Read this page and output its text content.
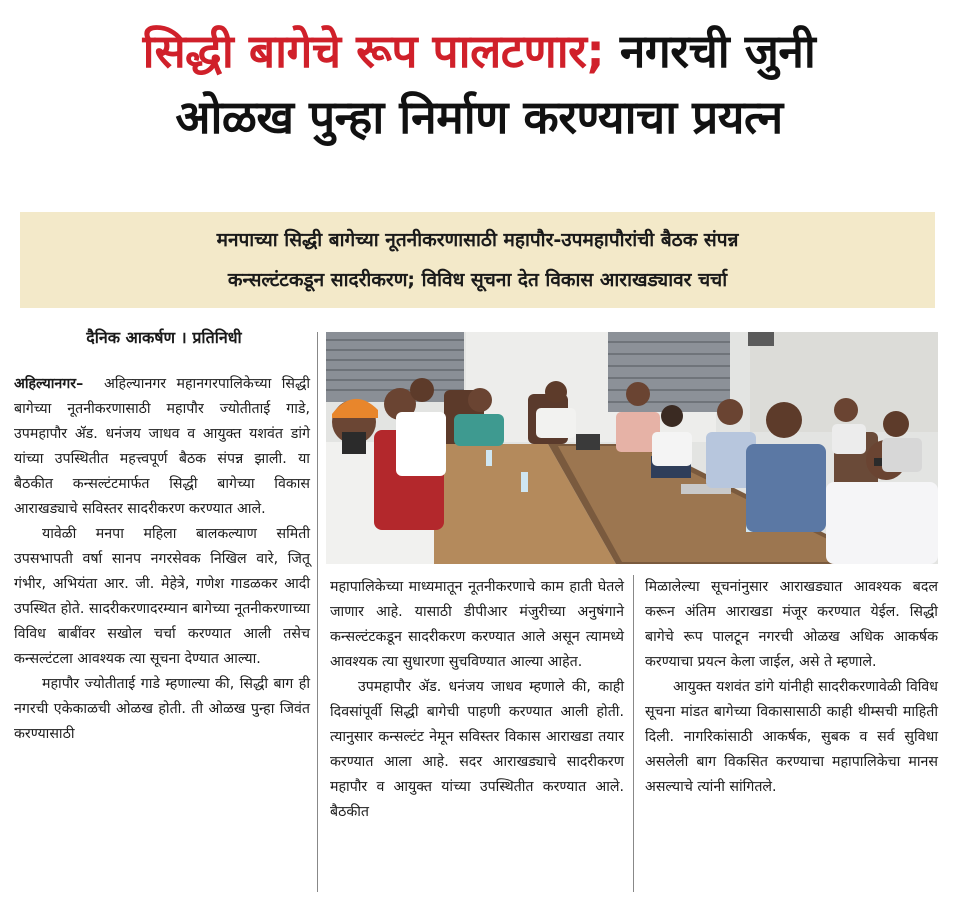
सिद्धी बागेचे रूप पालटणार; नगरची जुनी
ओळख पुन्हा निर्माण करण्याचा प्रयत्न
मनपाच्या सिद्धी बागेच्या नूतनीकरणासाठी महापौर-उपमहापौरांची बैठक संपन्न
कन्सल्टंटकडून सादरीकरण; विविध सूचना देत विकास आराखड्यावर चर्चा
दैनिक आकर्षण । प्रतिनिधी

अहिल्यानगर– अहिल्यानगर महानगरपालिकेच्या सिद्धी बागेच्या नूतनीकरणासाठी महापौर ज्योतीताई गाडे, उपमहापौर ॲड. धनंजय जाधव व आयुक्त यशवंत डांगे यांच्या उपस्थितीत महत्त्वपूर्ण बैठक संपन्न झाली. या बैठकीत कन्सल्टंटमार्फत सिद्धी बागेच्या विकास आराखड्याचे सविस्तर सादरीकरण करण्यात आले.

यावेळी मनपा महिला बालकल्याण समिती उपसभापती वर्षा सानप नगरसेवक निखिल वारे, जितू गंभीर, अभियंता आर. जी. मेहेत्रे, गणेश गाडळकर आदी उपस्थित होते. सादरीकरणादरम्यान बागेच्या नूतनीकरणाच्या विविध बाबींवर सखोल चर्चा करण्यात आली तसेच कन्सल्टंटला आवश्यक त्या सूचना देण्यात आल्या.

महापौर ज्योतीताई गाडे म्हणाल्या की, सिद्धी बाग ही नगरची एकेकाळची ओळख होती. ती ओळख पुन्हा जिवंत करण्यासाठी

महापालिकेच्या माध्यमातून नूतनीकरणाचे काम हाती घेतले जाणार आहे. यासाठी डीपीआर मंजुरीच्या अनुषंगाने कन्सल्टंटकडून सादरीकरण करण्यात आले असून त्यामध्ये आवश्यक त्या सुधारणा सुचविण्यात आल्या आहेत.

उपमहापौर ॲड. धनंजय जाधव म्हणाले की, काही दिवसांपूर्वी सिद्धी बागेची पाहणी करण्यात आली होती. त्यानुसार कन्सल्टंट नेमून सविस्तर विकास आराखडा तयार करण्यात आला आहे. सदर आराखड्याचे सादरीकरण महापौर व आयुक्त यांच्या उपस्थितीत करण्यात आले. बैठकीत

मिळालेल्या सूचनांनुसार आराखड्यात आवश्यक बदल करून अंतिम आराखडा मंजूर करण्यात येईल. सिद्धी बागेचे रूप पालटून नगरची ओळख अधिक आकर्षक करण्याचा प्रयत्न केला जाईल, असे ते म्हणाले.

आयुक्त यशवंत डांगे यांनीही सादरीकरणावेळी विविध सूचना मांडत बागेच्या विकासासाठी काही थीम्सची माहिती दिली. नागरिकांसाठी आकर्षक, सुबक व सर्व सुविधा असलेली बाग विकसित करण्याचा महापालिकेचा मानस असल्याचे त्यांनी सांगितले.
